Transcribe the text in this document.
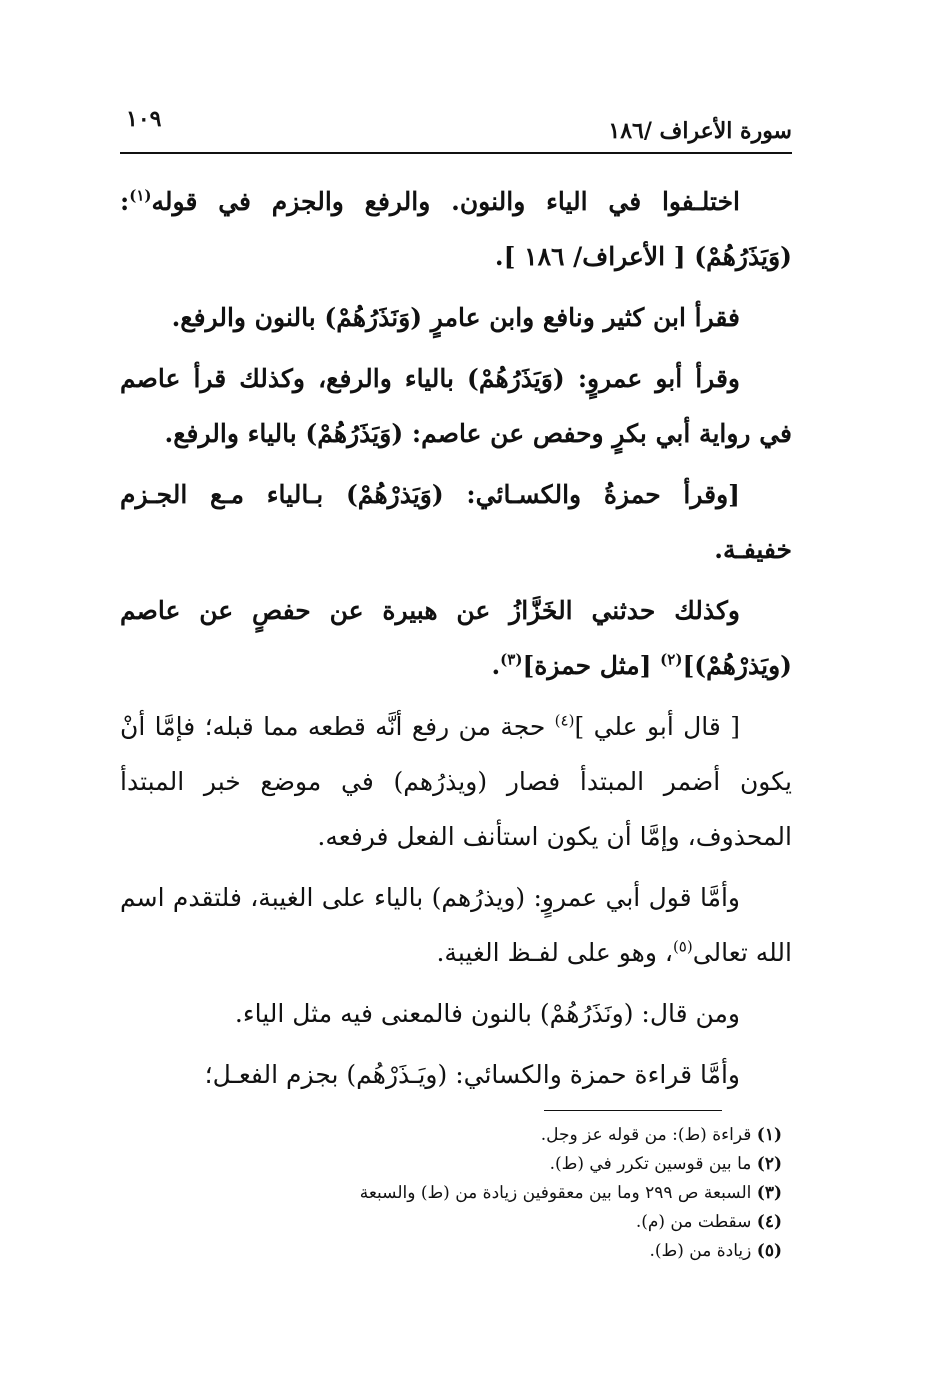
سورة الأعراف /١٨٦
١٠٩

اختلـفوا في الياء والنون. والرفع والجزم في قوله$^{(١)}$: (وَيَذَرُهُمْ) [ الأعراف/ ١٨٦ ].

فقرأ ابن كثير ونافع وابن عامرٍ (وَنَذَرُهُمْ) بالنون والرفع.

وقرأ أبو عمروٍ: (وَيَذَرُهُمْ) بالياء والرفع، وكذلك قرأ عاصم في رواية أبي بكرٍ وحفص عن عاصم: (وَيَذَرُهُمْ) بالياء والرفع.

[وقرأ حمزةُ والكسـائي: (وَيَذرْهُمْ) بـالياء مـع الجـزم خفيفـة.

وكذلك حدثني الخَزَّازُ عن هبيرة عن حفصٍ عن عاصم (ويَذرْهُمْ)]$^{(٢)}$ [مثل حمزة]$^{(٣)}$.

[ قال أبو علي ]$^{(٤)}$ حجة من رفع أنَّه قطعه مما قبله؛ فإمَّا أنْ يكون أضمر المبتدأ فصار (ويذرُهم) في موضع خبر المبتدأ المحذوف، وإمَّا أن يكون استأنف الفعل فرفعه.

وأمَّا قول أبي عمروٍ: (ويذرُهم) بالياء على الغيبة، فلتقدم اسم الله تعالى$^{(٥)}$، وهو على لفـظ الغيبة.

ومن قال: (ونَذَرُهُمْ) بالنون فالمعنى فيه مثل الياء.

وأمَّا قراءة حمزة والكسائي: (ويَـذَرْهُم) بجزم الفعـل؛

(١) قراءة (ط): من قوله عز وجل.
(٢) ما بين قوسين تكرر في (ط).
(٣) السبعة ص ٢٩٩ وما بين معقوفين زيادة من (ط) والسبعة
(٤) سقطت من (م).
(٥) زيادة من (ط).
